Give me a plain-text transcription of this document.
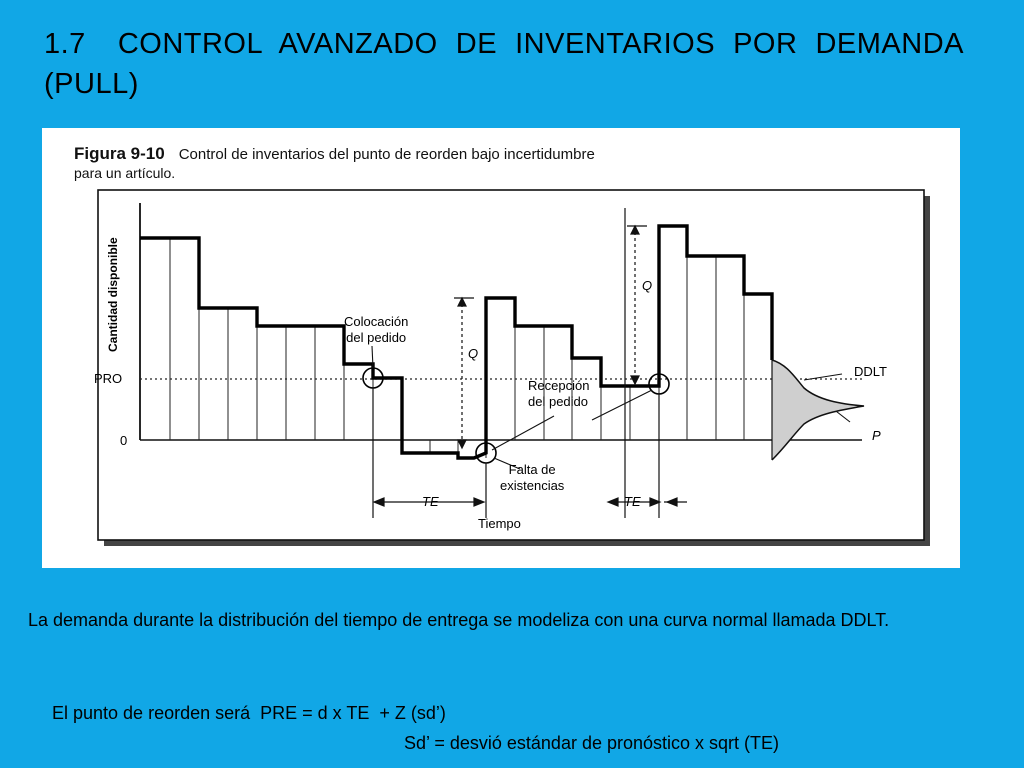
1.7 CONTROL AVANZADO DE INVENTARIOS POR DEMANDA (PULL)
Figura 9-10 Control de inventarios del punto de reorden bajo incertidumbre
para un artículo.
Cantidad disponible
PRO
0
Colocación
del pedido
Recepción
del pedido
Falta de
existencias
Q
Q
TE	TE
Tiempo
DDLT
P
La demanda durante la distribución del tiempo de entrega se modeliza con una curva normal llamada DDLT.
El punto de reorden será  PRE = d x TE  + Z (sd’)
Sd’ = desvió estándar de pronóstico x sqrt (TE)
